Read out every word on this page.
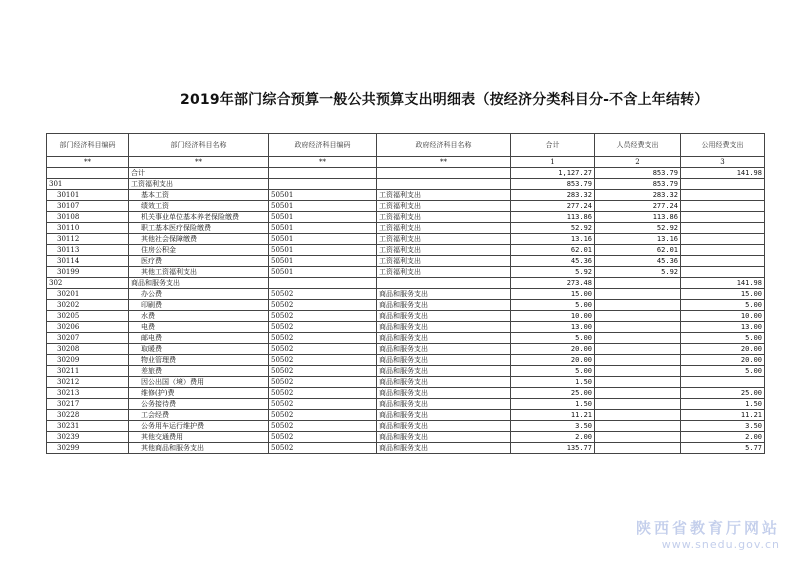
2019年部门综合预算一般公共预算支出明细表（按经济分类科目分-不含上年结转）
部门经济科目编码	部门经济科目名称	政府经济科目编码	政府经济科目名称	合计	人员经费支出	公用经费支出
**	**	**	**	1	2	3
	合计			1,127.27	853.79	141.98
301	工资福利支出			853.79	853.79	
30101	基本工资	50501	工资福利支出	283.32	283.32	
30107	绩效工资	50501	工资福利支出	277.24	277.24	
30108	机关事业单位基本养老保险缴费	50501	工资福利支出	113.86	113.86	
30110	职工基本医疗保险缴费	50501	工资福利支出	52.92	52.92	
30112	其他社会保障缴费	50501	工资福利支出	13.16	13.16	
30113	住房公积金	50501	工资福利支出	62.01	62.01	
30114	医疗费	50501	工资福利支出	45.36	45.36	
30199	其他工资福利支出	50501	工资福利支出	5.92	5.92	
302	商品和服务支出			273.48		141.98
30201	办公费	50502	商品和服务支出	15.00		15.00
30202	印刷费	50502	商品和服务支出	5.00		5.00
30205	水费	50502	商品和服务支出	10.00		10.00
30206	电费	50502	商品和服务支出	13.00		13.00
30207	邮电费	50502	商品和服务支出	5.00		5.00
30208	取暖费	50502	商品和服务支出	20.00		20.00
30209	物业管理费	50502	商品和服务支出	20.00		20.00
30211	差旅费	50502	商品和服务支出	5.00		5.00
30212	因公出国（境）费用	50502	商品和服务支出	1.50		
30213	维修(护)费	50502	商品和服务支出	25.00		25.00
30217	公务接待费	50502	商品和服务支出	1.50		1.50
30228	工会经费	50502	商品和服务支出	11.21		11.21
30231	公务用车运行维护费	50502	商品和服务支出	3.50		3.50
30239	其他交通费用	50502	商品和服务支出	2.00		2.00
30299	其他商品和服务支出	50502	商品和服务支出	135.77		5.77
陕西省教育厅网站
www.snedu.gov.cn
